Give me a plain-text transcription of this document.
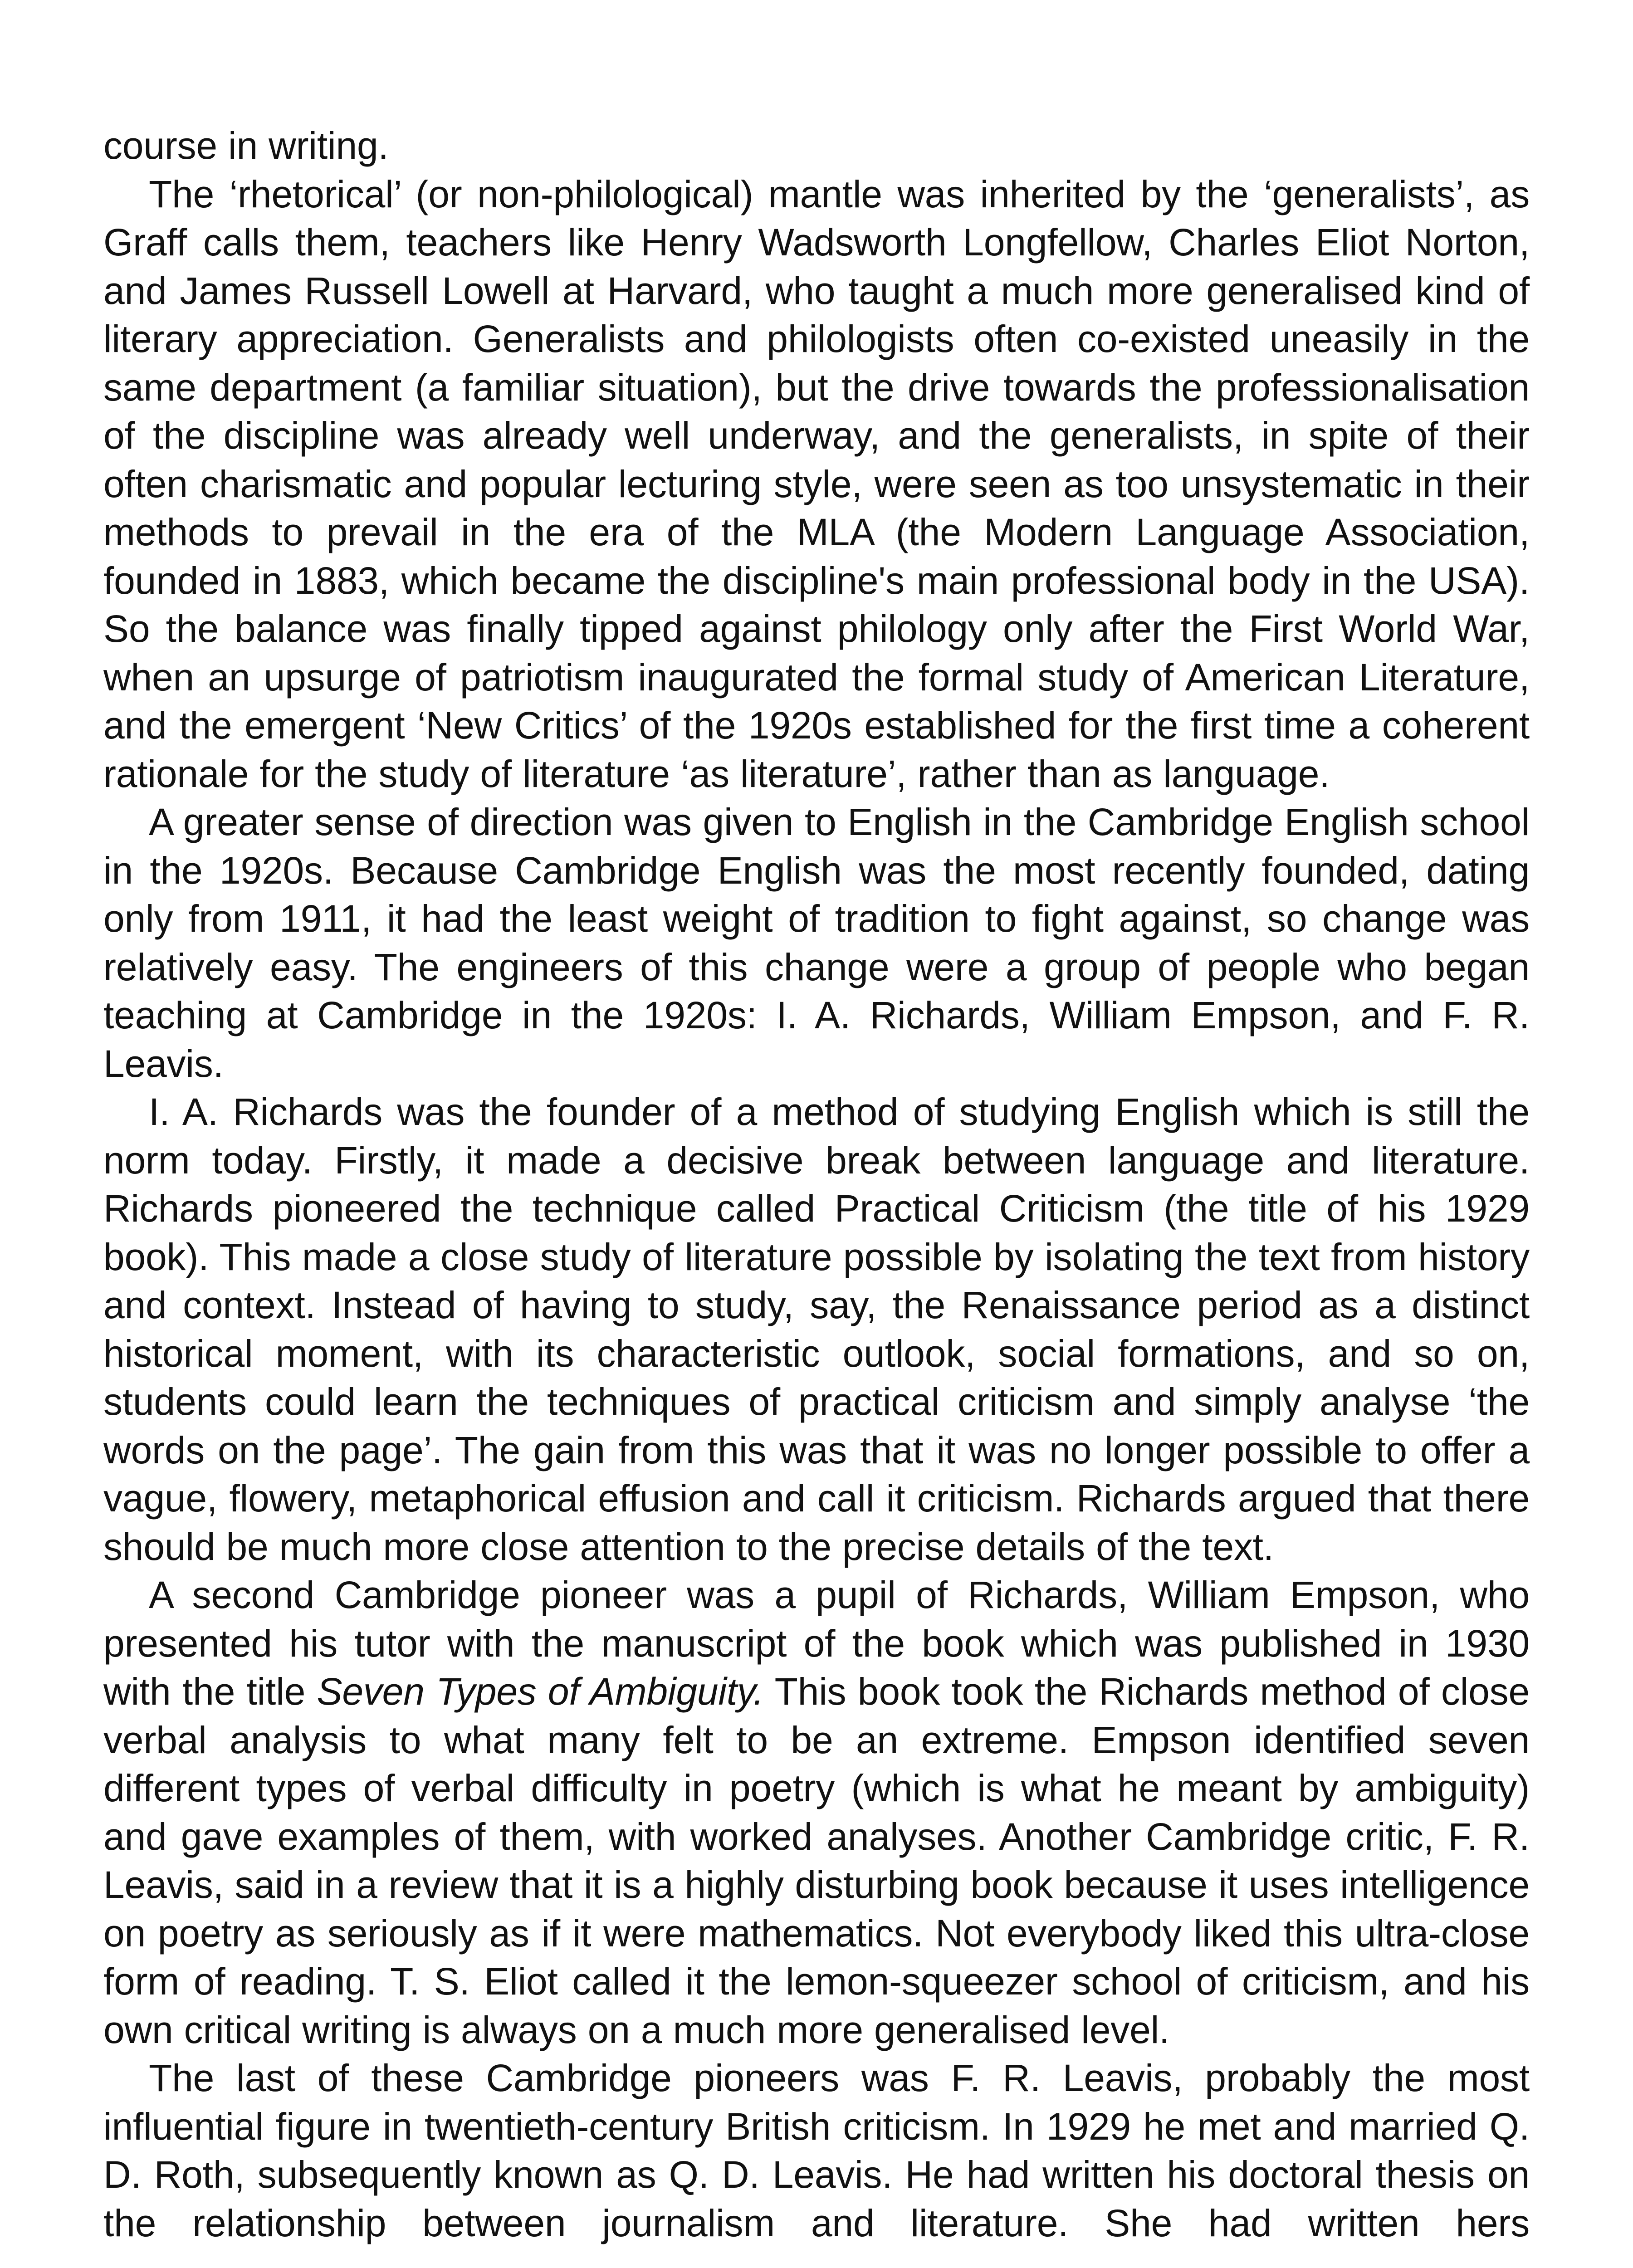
course in writing.

The ‘rhetorical’ (or non-philological) mantle was inherited by the ‘generalists’, as Graff calls them, teachers like Henry Wadsworth Longfellow, Charles Eliot Norton, and James Russell Lowell at Harvard, who taught a much more generalised kind of literary appreciation. Generalists and philologists often co-existed uneasily in the same department (a familiar situation), but the drive towards the professionalisation of the discipline was already well underway, and the generalists, in spite of their often charismatic and popular lecturing style, were seen as too unsystematic in their methods to prevail in the era of the MLA (the Modern Language Association, founded in 1883, which became the discipline's main professional body in the USA). So the balance was finally tipped against philology only after the First World War, when an upsurge of patriotism inaugurated the formal study of American Literature, and the emergent ‘New Critics’ of the 1920s established for the first time a coherent rationale for the study of literature ‘as literature’, rather than as language.

A greater sense of direction was given to English in the Cambridge English school in the 1920s. Because Cambridge English was the most recently founded, dating only from 1911, it had the least weight of tradition to fight against, so change was relatively easy. The engineers of this change were a group of people who began teaching at Cambridge in the 1920s: I. A. Richards, William Empson, and F. R. Leavis.

I. A. Richards was the founder of a method of studying English which is still the norm today. Firstly, it made a decisive break between language and literature. Richards pioneered the technique called Practical Criticism (the title of his 1929 book). This made a close study of literature possible by isolating the text from history and context. Instead of having to study, say, the Renaissance period as a distinct historical moment, with its characteristic outlook, social formations, and so on, students could learn the techniques of practical criticism and simply analyse ‘the words on the page’. The gain from this was that it was no longer possible to offer a vague, flowery, metaphorical effusion and call it criticism. Richards argued that there should be much more close attention to the precise details of the text.

A second Cambridge pioneer was a pupil of Richards, William Empson, who presented his tutor with the manuscript of the book which was published in 1930 with the title Seven Types of Ambiguity. This book took the Richards method of close verbal analysis to what many felt to be an extreme. Empson identified seven different types of verbal difficulty in poetry (which is what he meant by ambiguity) and gave examples of them, with worked analyses. Another Cambridge critic, F. R. Leavis, said in a review that it is a highly disturbing book because it uses intelligence on poetry as seriously as if it were mathematics. Not everybody liked this ultra-close form of reading. T. S. Eliot called it the lemon-squeezer school of criticism, and his own critical writing is always on a much more generalised level.

The last of these Cambridge pioneers was F. R. Leavis, probably the most influential figure in twentieth-century British criticism. In 1929 he met and married Q. D. Roth, subsequently known as Q. D. Leavis. He had written his doctoral thesis on the relationship between journalism and literature. She had written hers
